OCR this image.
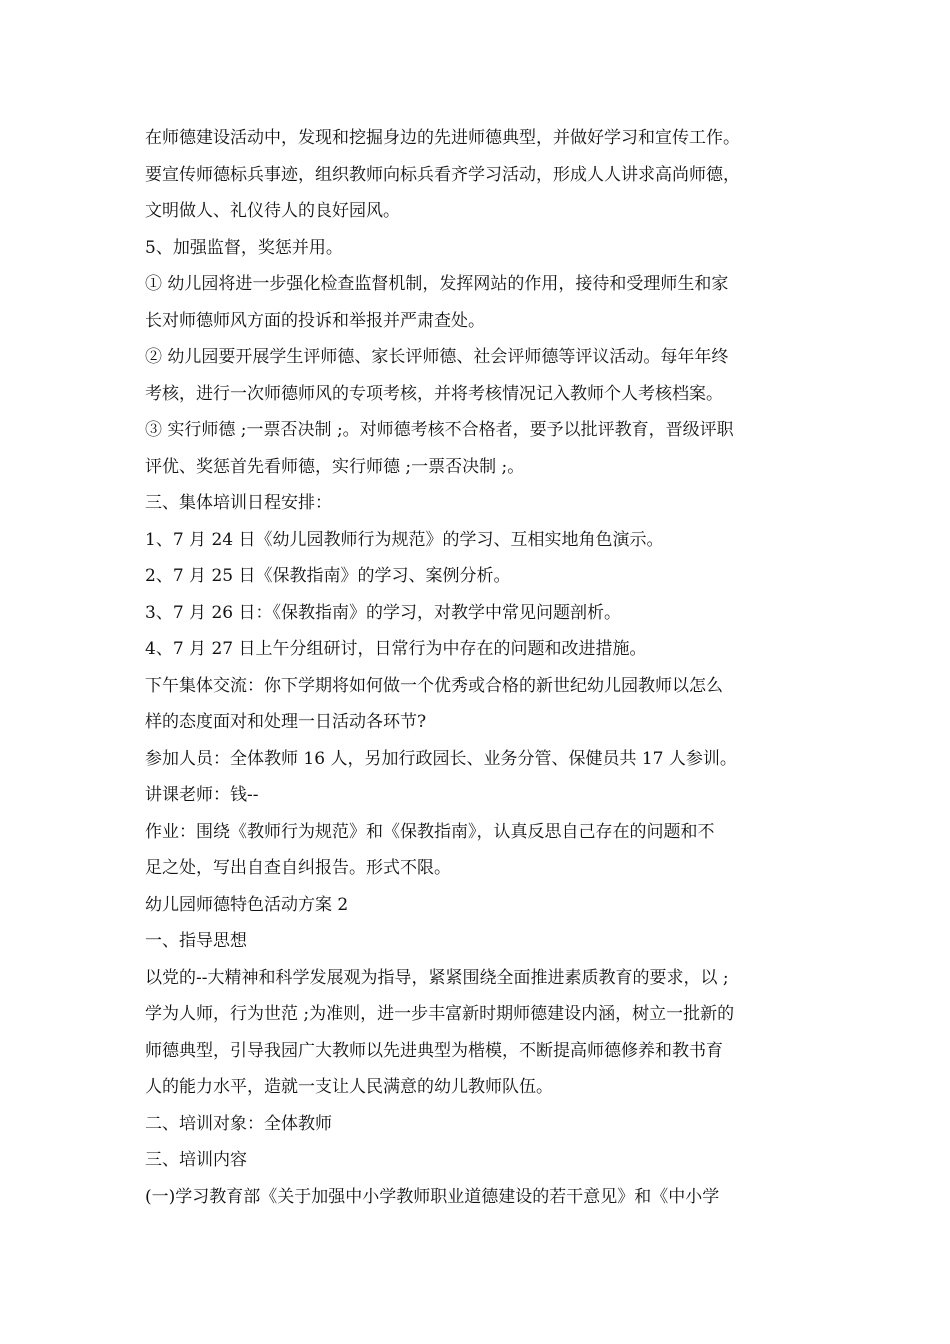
在师德建设活动中，发现和挖掘身边的先进师德典型，并做好学习和宣传工作。

要宣传师德标兵事迹，组织教师向标兵看齐学习活动，形成人人讲求高尚师德，

文明做人、礼仪待人的良好园风。

5、加强监督，奖惩并用。

① 幼儿园将进一步强化检查监督机制，发挥网站的作用，接待和受理师生和家

长对师德师风方面的投诉和举报并严肃查处。

② 幼儿园要开展学生评师德、家长评师德、社会评师德等评议活动。每年年终

考核，进行一次师德师风的专项考核，并将考核情况记入教师个人考核档案。

③ 实行师德 ;一票否决制 ;。对师德考核不合格者，要予以批评教育，晋级评职

评优、奖惩首先看师德，实行师德 ;一票否决制 ;。

三、集体培训日程安排：

1、7 月 24 日《幼儿园教师行为规范》的学习、互相实地角色演示。

2、7 月 25 日《保教指南》的学习、案例分析。

3、7 月 26 日：《保教指南》的学习，对教学中常见问题剖析。

4、7 月 27 日上午分组研讨，日常行为中存在的问题和改进措施。

下午集体交流：你下学期将如何做一个优秀或合格的新世纪幼儿园教师以怎么

样的态度面对和处理一日活动各环节?

参加人员：全体教师 16 人，另加行政园长、业务分管、保健员共 17 人参训。

讲课老师：钱--

作业：围绕《教师行为规范》和《保教指南》，认真反思自己存在的问题和不

足之处，写出自查自纠报告。形式不限。

幼儿园师德特色活动方案 2

一、指导思想

以党的--大精神和科学发展观为指导，紧紧围绕全面推进素质教育的要求，以 ;

学为人师，行为世范 ;为准则，进一步丰富新时期师德建设内涵，树立一批新的

师德典型，引导我园广大教师以先进典型为楷模，不断提高师德修养和教书育

人的能力水平，造就一支让人民满意的幼儿教师队伍。

二、培训对象：全体教师

三、培训内容

(一)学习教育部《关于加强中小学教师职业道德建设的若干意见》和《中小学
